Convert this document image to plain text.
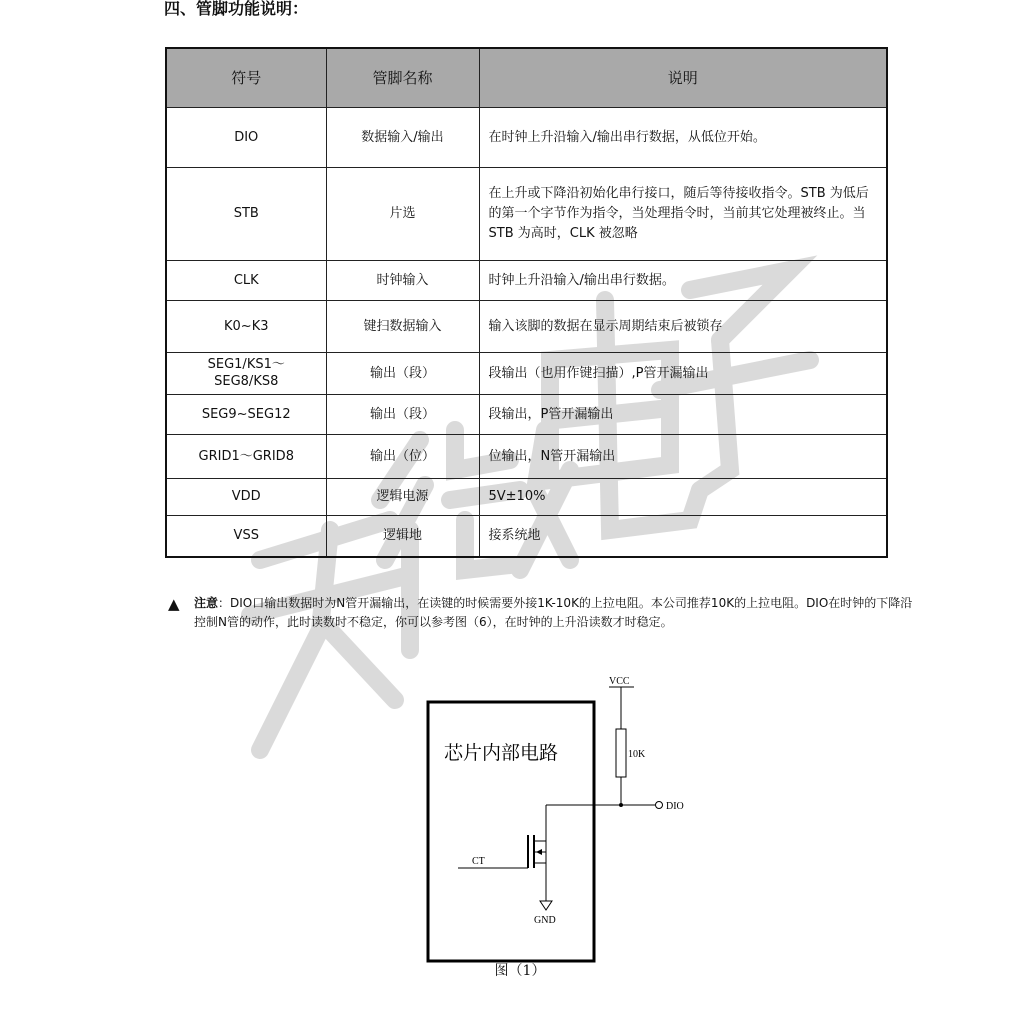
四、管脚功能说明：
符号	管脚名称	说明
DIO	数据输入/输出	在时钟上升沿输入/输出串行数据，从低位开始。
STB	片选	在上升或下降沿初始化串行接口，随后等待接收指令。STB 为低后的第一个字节作为指令，当处理指令时，当前其它处理被终止。当STB 为高时，CLK 被忽略
CLK	时钟输入	时钟上升沿输入/输出串行数据。
K0~K3	键扫数据输入	输入该脚的数据在显示周期结束后被锁存
SEG1/KS1～SEG8/KS8	输出（段）	段输出（也用作键扫描）,P管开漏输出
SEG9~SEG12	输出（段）	段输出，P管开漏输出
GRID1～GRID8	输出（位）	位输出，N管开漏输出
VDD	逻辑电源	5V±10%
VSS	逻辑地	接系统地
▲ 注意：DIO口输出数据时为N管开漏输出，在读键的时候需要外接1K-10K的上拉电阻。本公司推荐10K的上拉电阻。DIO在时钟的下降沿控制N管的动作，此时读数时不稳定，你可以参考图（6），在时钟的上升沿读数才时稳定。
芯片内部电路
VCC
10K
DIO
CT
GND
图（1）
